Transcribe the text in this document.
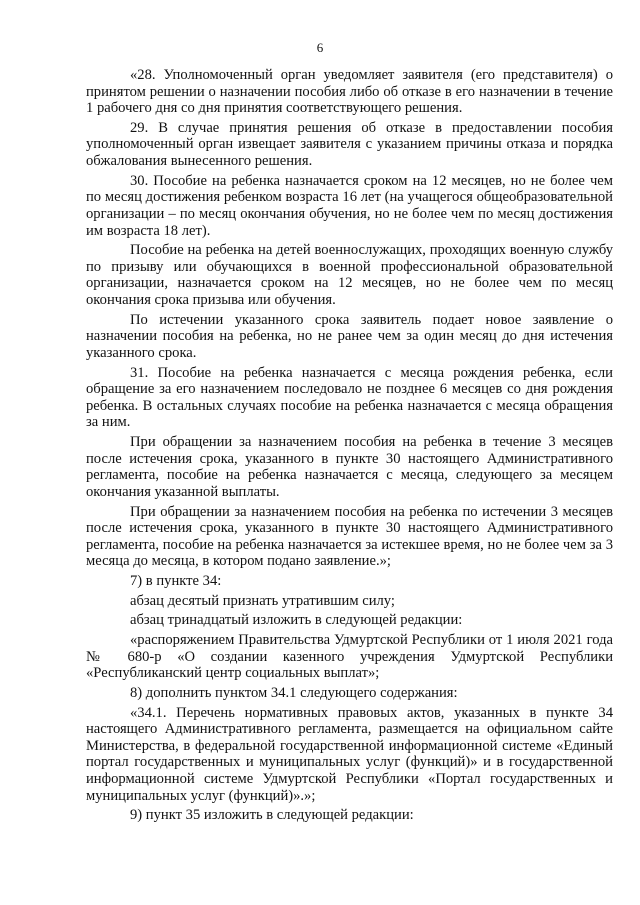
6

«28. Уполномоченный орган уведомляет заявителя (его представителя) о принятом решении о назначении пособия либо об отказе в его назначении в течение 1 рабочего дня со дня принятия соответствующего решения.

29. В случае принятия решения об отказе в предоставлении пособия уполномоченный орган извещает заявителя с указанием причины отказа и порядка обжалования вынесенного решения.

30. Пособие на ребенка назначается сроком на 12 месяцев, но не более чем по месяц достижения ребенком возраста 16 лет (на учащегося общеобразовательной организации – по месяц окончания обучения, но не более чем по месяц достижения им возраста 18 лет).

Пособие на ребенка на детей военнослужащих, проходящих военную службу по призыву или обучающихся в военной профессиональной образовательной организации, назначается сроком на 12 месяцев, но не более чем по месяц окончания срока призыва или обучения.

По истечении указанного срока заявитель подает новое заявление о назначении пособия на ребенка, но не ранее чем за один месяц до дня истечения указанного срока.

31. Пособие на ребенка назначается с месяца рождения ребенка, если обращение за его назначением последовало не позднее 6 месяцев со дня рождения ребенка. В остальных случаях пособие на ребенка назначается с месяца обращения за ним.

При обращении за назначением пособия на ребенка в течение 3 месяцев после истечения срока, указанного в пункте 30 настоящего Административного регламента, пособие на ребенка назначается с месяца, следующего за месяцем окончания указанной выплаты.

При обращении за назначением пособия на ребенка по истечении 3 месяцев после истечения срока, указанного в пункте 30 настоящего Административного регламента, пособие на ребенка назначается за истекшее время, но не более чем за 3 месяца до месяца, в котором подано заявление.»;

7) в пункте 34:

абзац десятый признать утратившим силу;

абзац тринадцатый изложить в следующей редакции:

«распоряжением Правительства Удмуртской Республики от 1 июля 2021 года № 680-р «О создании казенного учреждения Удмуртской Республики «Республиканский центр социальных выплат»;

8) дополнить пунктом 34.1 следующего содержания:

«34.1. Перечень нормативных правовых актов, указанных в пункте 34 настоящего Административного регламента, размещается на официальном сайте Министерства, в федеральной государственной информационной системе «Единый портал государственных и муниципальных услуг (функций)» и в государственной информационной системе Удмуртской Республики «Портал государственных и муниципальных услуг (функций)».»;

9) пункт 35 изложить в следующей редакции:
